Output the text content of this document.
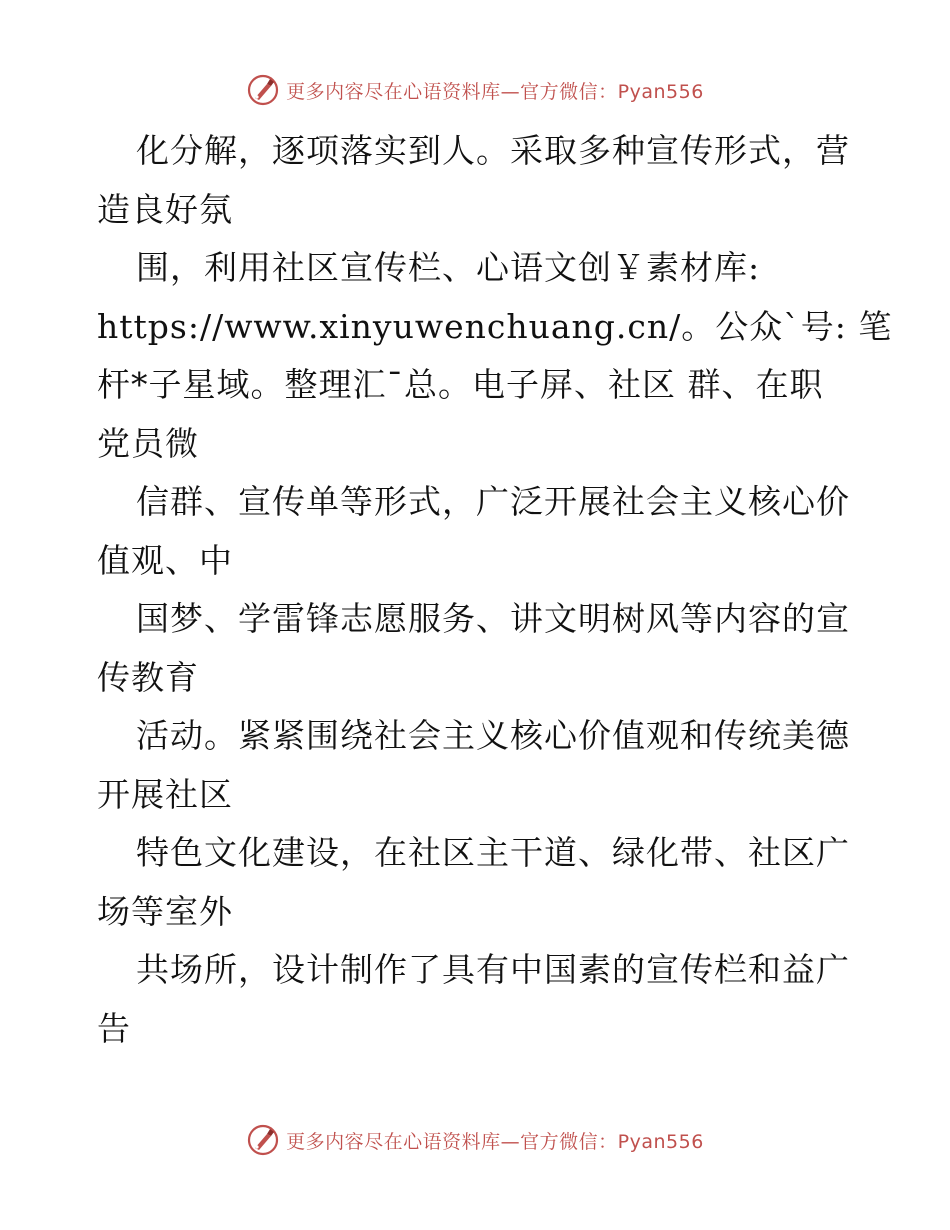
更多内容尽在心语资料库—官方微信：Pyan556
化分解，逐项落实到人。采取多种宣传形式，营
造良好氛
围，利用社区宣传栏、心语文创￥素材库:
https://www.xinyuwenchuang.cn/。公众`号: 笔
杆*子星域。整理汇¯总。电子屏、社区 群、在职
党员微
信群、宣传单等形式，广泛开展社会主义核心价
值观、中
国梦、学雷锋志愿服务、讲文明树风等内容的宣
传教育
活动。紧紧围绕社会主义核心价值观和传统美德
开展社区
特色文化建设，在社区主干道、绿化带、社区广
场等室外
共场所，设计制作了具有中国素的宣传栏和益广
告
更多内容尽在心语资料库—官方微信：Pyan556
